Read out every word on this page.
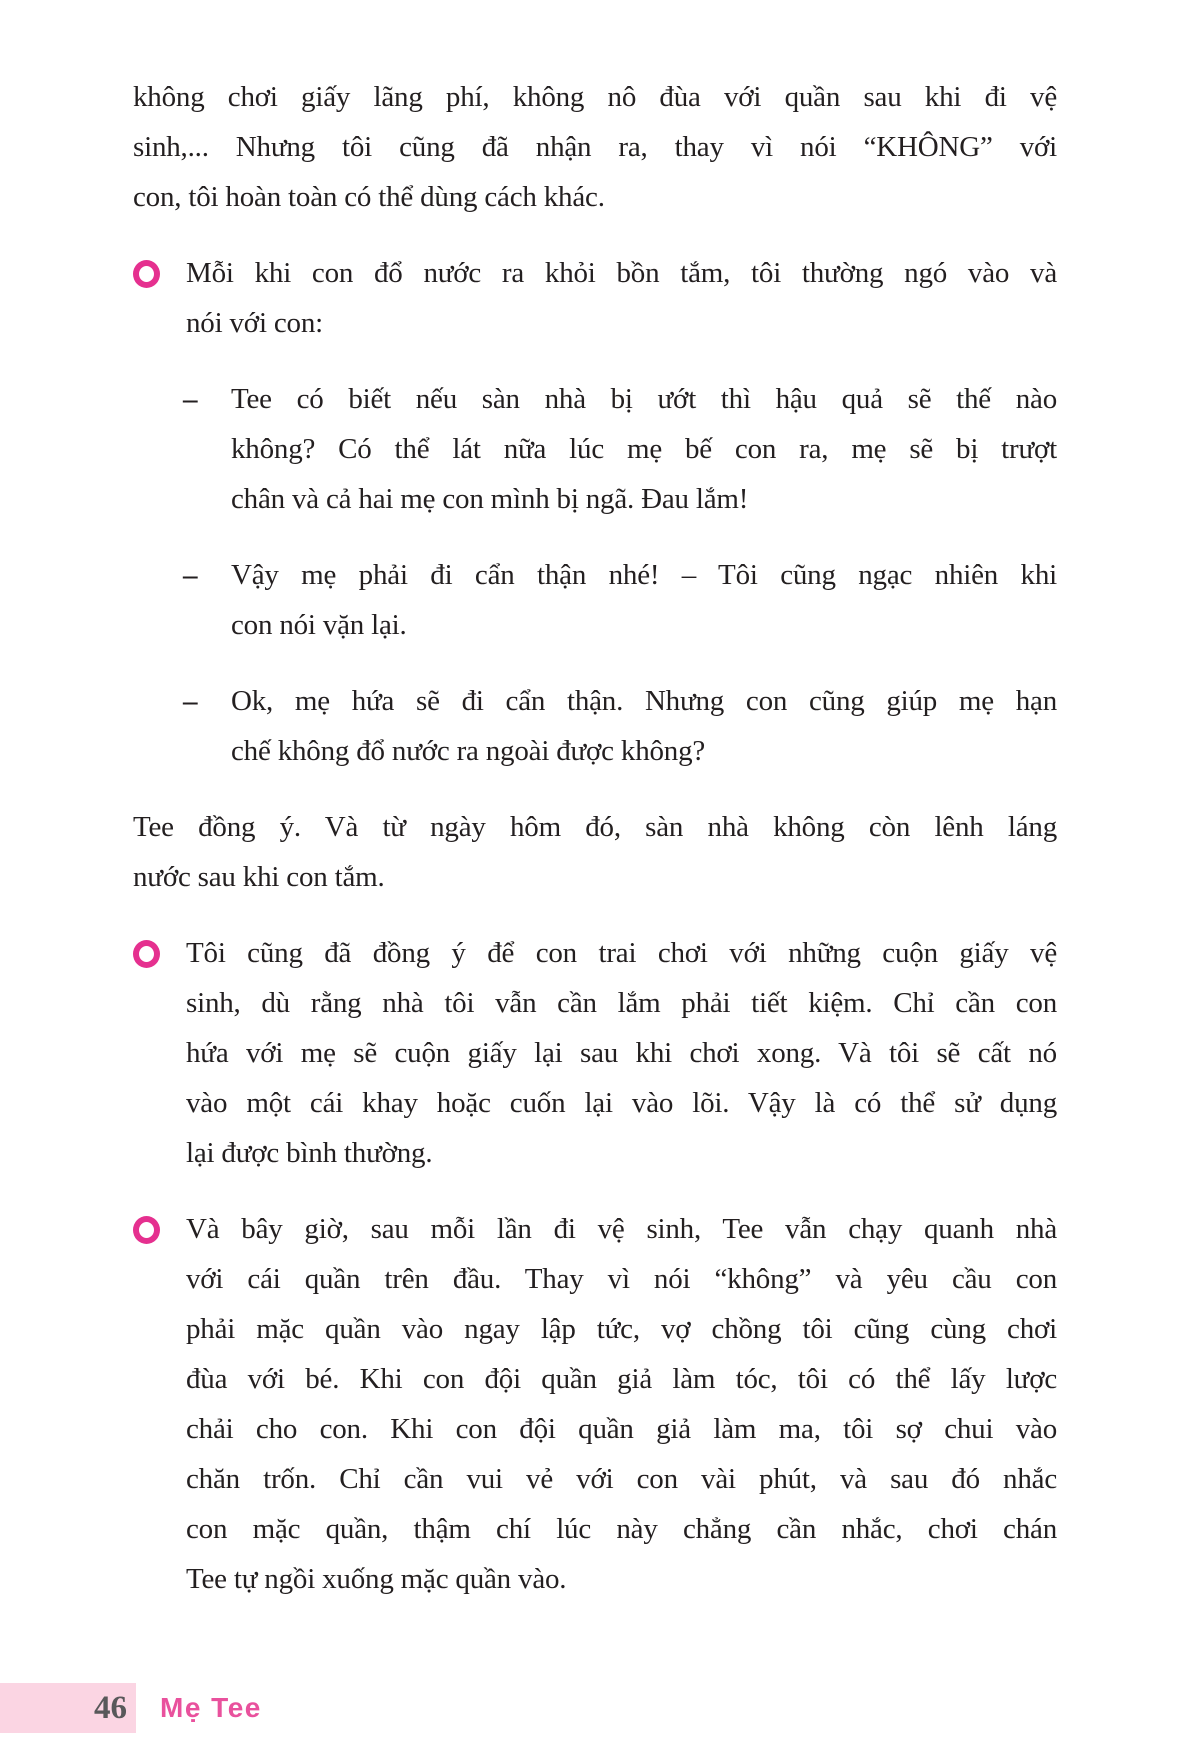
không chơi giấy lãng phí, không nô đùa với quần sau khi đi vệ
sinh,... Nhưng tôi cũng đã nhận ra, thay vì nói “KHÔNG” với
con, tôi hoàn toàn có thể dùng cách khác.
Mỗi khi con đổ nước ra khỏi bồn tắm, tôi thường ngó vào và
nói với con:
–	Tee có biết nếu sàn nhà bị ướt thì hậu quả sẽ thế nào
không? Có thể lát nữa lúc mẹ bế con ra, mẹ sẽ bị trượt
chân và cả hai mẹ con mình bị ngã. Đau lắm!
–	Vậy mẹ phải đi cẩn thận nhé! – Tôi cũng ngạc nhiên khi
con nói vặn lại.
–	Ok, mẹ hứa sẽ đi cẩn thận. Nhưng con cũng giúp mẹ hạn
chế không đổ nước ra ngoài được không?
Tee đồng ý. Và từ ngày hôm đó, sàn nhà không còn lênh láng
nước sau khi con tắm.
Tôi cũng đã đồng ý để con trai chơi với những cuộn giấy vệ
sinh, dù rằng nhà tôi vẫn cần lắm phải tiết kiệm. Chỉ cần con
hứa với mẹ sẽ cuộn giấy lại sau khi chơi xong. Và tôi sẽ cất nó
vào một cái khay hoặc cuốn lại vào lõi. Vậy là có thể sử dụng
lại được bình thường.
Và bây giờ, sau mỗi lần đi vệ sinh, Tee vẫn chạy quanh nhà
với cái quần trên đầu. Thay vì nói “không” và yêu cầu con
phải mặc quần vào ngay lập tức, vợ chồng tôi cũng cùng chơi
đùa với bé. Khi con đội quần giả làm tóc, tôi có thể lấy lược
chải cho con. Khi con đội quần giả làm ma, tôi sợ chui vào
chăn trốn. Chỉ cần vui vẻ với con vài phút, và sau đó nhắc
con mặc quần, thậm chí lúc này chẳng cần nhắc, chơi chán
Tee tự ngồi xuống mặc quần vào.
46 Mẹ Tee
